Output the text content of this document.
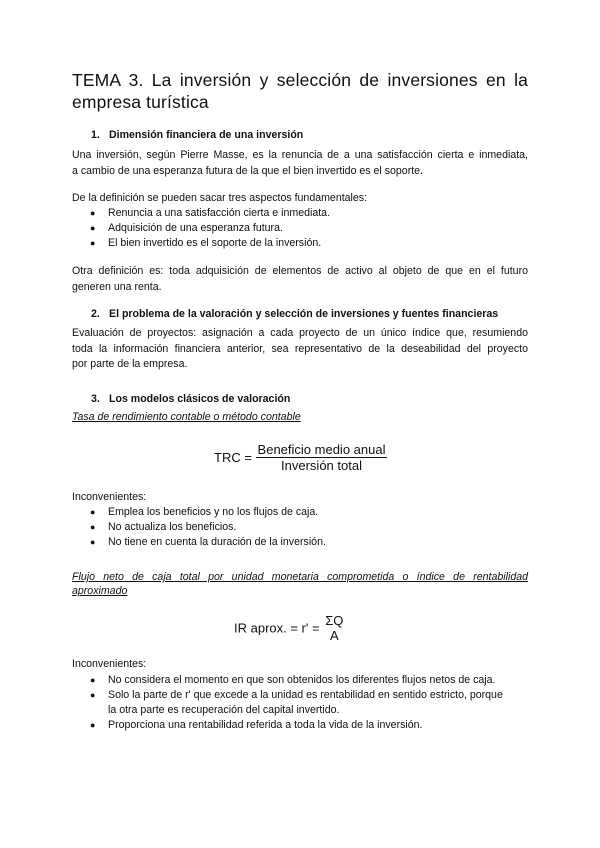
TEMA 3. La inversión y selección de inversiones en la
empresa turística
1. Dimensión financiera de una inversión
Una inversión, según Pierre Masse, es la renuncia de a una satisfacción cierta e inmediata,
a cambio de una esperanza futura de la que el bien invertido es el soporte.
De la definición se pueden sacar tres aspectos fundamentales:
● Renuncia a una satisfacción cierta e inmediata.
● Adquisición de una esperanza futura.
● El bien invertido es el soporte de la inversión.
Otra definición es: toda adquisición de elementos de activo al objeto de que en el futuro
generen una renta.
2. El problema de la valoración y selección de inversiones y fuentes financieras
Evaluación de proyectos: asignación a cada proyecto de un único índice que, resumiendo
toda la información financiera anterior, sea representativo de la deseabilidad del proyecto
por parte de la empresa.
3. Los modelos clásicos de valoración
Tasa de rendimiento contable o método contable
TRC = $\frac{\text{Beneficio medio anual}}{\text{Inversión total}}$
Inconvenientes:
● Emplea los beneficios y no los flujos de caja.
● No actualiza los beneficios.
● No tiene en cuenta la duración de la inversión.
Flujo neto de caja total por unidad monetaria comprometida o índice de rentabilidad
aproximado
IR aprox. = r' = ΣQ
A
Inconvenientes:
● No considera el momento en que son obtenidos los diferentes flujos netos de caja.
● Solo la parte de r' que excede a la unidad es rentabilidad en sentido estricto, porque
la otra parte es recuperación del capital invertido.
● Proporciona una rentabilidad referida a toda la vida de la inversión.
